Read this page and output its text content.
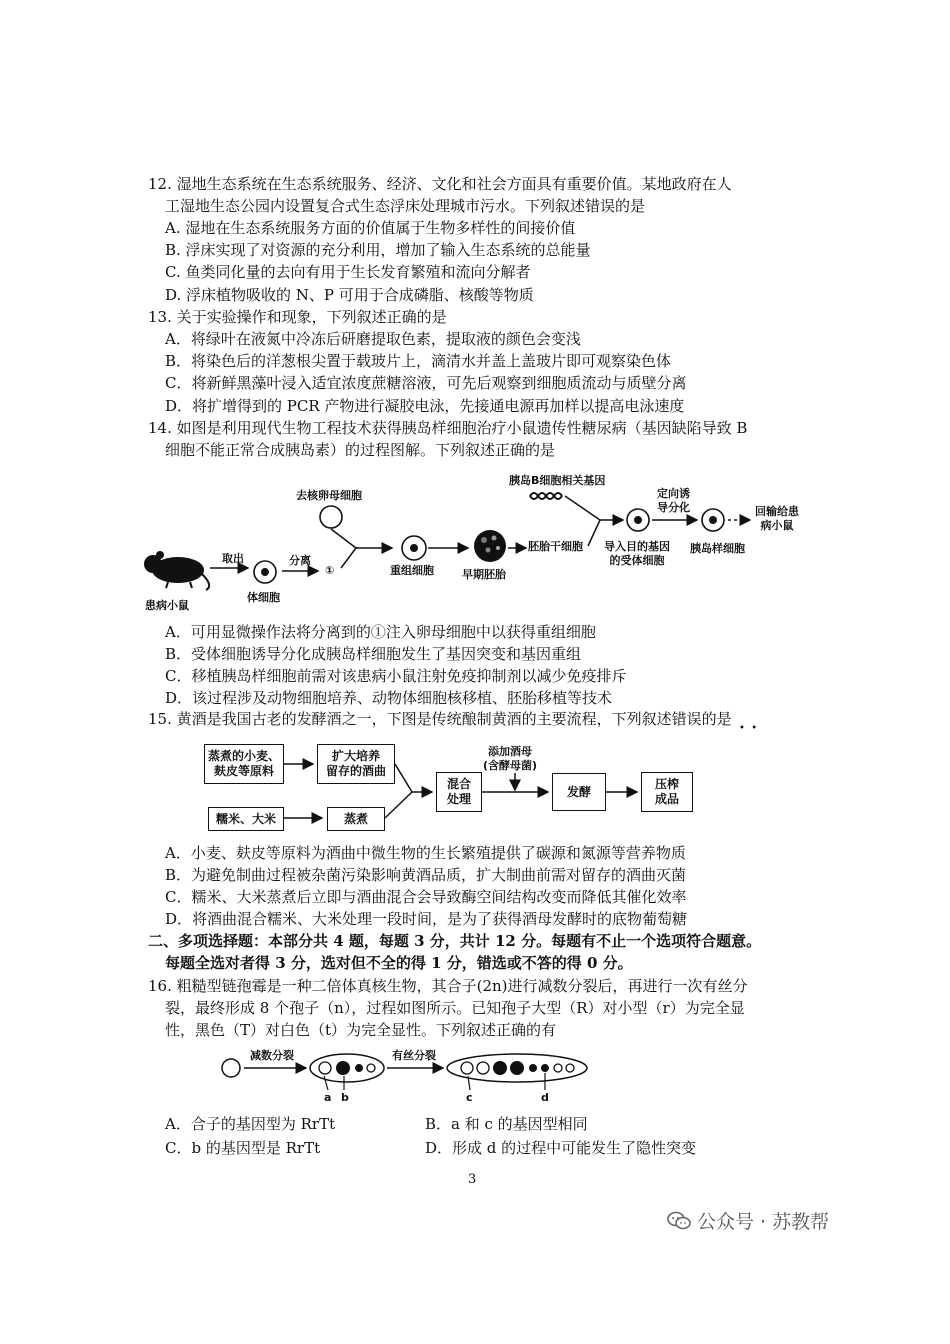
12. 湿地生态系统在生态系统服务、经济、文化和社会方面具有重要价值。某地政府在人
工湿地生态公园内设置复合式生态浮床处理城市污水。下列叙述错误的是
A. 湿地在生态系统服务方面的价值属于生物多样性的间接价值
B. 浮床实现了对资源的充分利用，增加了输入生态系统的总能量
C. 鱼类同化量的去向有用于生长发育繁殖和流向分解者
D. 浮床植物吸收的 N、P 可用于合成磷脂、核酸等物质
13. 关于实验操作和现象，下列叙述正确的是
A．将绿叶在液氮中冷冻后研磨提取色素，提取液的颜色会变浅
B．将染色后的洋葱根尖置于载玻片上，滴清水并盖上盖玻片即可观察染色体
C．将新鲜黑藻叶浸入适宜浓度蔗糖溶液，可先后观察到细胞质流动与质壁分离
D．将扩增得到的 PCR 产物进行凝胶电泳，先接通电源再加样以提高电泳速度
14. 如图是利用现代生物工程技术获得胰岛样细胞治疗小鼠遗传性糖尿病（基因缺陷导致 B
细胞不能正常合成胰岛素）的过程图解。下列叙述正确的是
患病小鼠
取出
体细胞
分离
①
去核卵母细胞
重组细胞	早期胚胎
胚胎干细胞
胰岛B细胞相关基因
导入目的基因
的受体细胞
定向诱
导分化
胰岛样细胞
回输给患
病小鼠
A．可用显微操作法将分离到的①注入卵母细胞中以获得重组细胞
B．受体细胞诱导分化成胰岛样细胞发生了基因突变和基因重组
C．移植胰岛样细胞前需对该患病小鼠注射免疫抑制剂以减少免疫排斥
D．该过程涉及动物细胞培养、动物体细胞核移植、胚胎移植等技术
15. 黄酒是我国古老的发酵酒之一，下图是传统酿制黄酒的主要流程，下列叙述错误的是
•  •
蒸煮的小麦、
麸皮等原料
扩大培养
留存的酒曲
糯米、大米	蒸煮
混合
处理
添加酒母
(含酵母菌)
发酵
压榨
成品
A．小麦、麸皮等原料为酒曲中微生物的生长繁殖提供了碳源和氮源等营养物质
B．为避免制曲过程被杂菌污染影响黄酒品质，扩大制曲前需对留存的酒曲灭菌
C．糯米、大米蒸煮后立即与酒曲混合会导致酶空间结构改变而降低其催化效率
D．将酒曲混合糯米、大米处理一段时间，是为了获得酒母发酵时的底物葡萄糖
二、多项选择题：本部分共 4 题，每题 3 分，共计 12 分。每题有不止一个选项符合题意。
每题全选对者得 3 分，选对但不全的得 1 分，错选或不答的得 0 分。
16. 粗糙型链孢霉是一种二倍体真核生物，其合子(2n)进行减数分裂后，再进行一次有丝分
裂，最终形成 8 个孢子（n），过程如图所示。已知孢子大型（R）对小型（r）为完全显
性，黑色（T）对白色（t）为完全显性。下列叙述正确的有
减数分裂	有丝分裂
a b	c	d
A．合子的基因型为 RrTt	B．a 和 c 的基因型相同
C．b 的基因型是 RrTt	D．形成 d 的过程中可能发生了隐性突变
3
公众号 · 苏教帮
